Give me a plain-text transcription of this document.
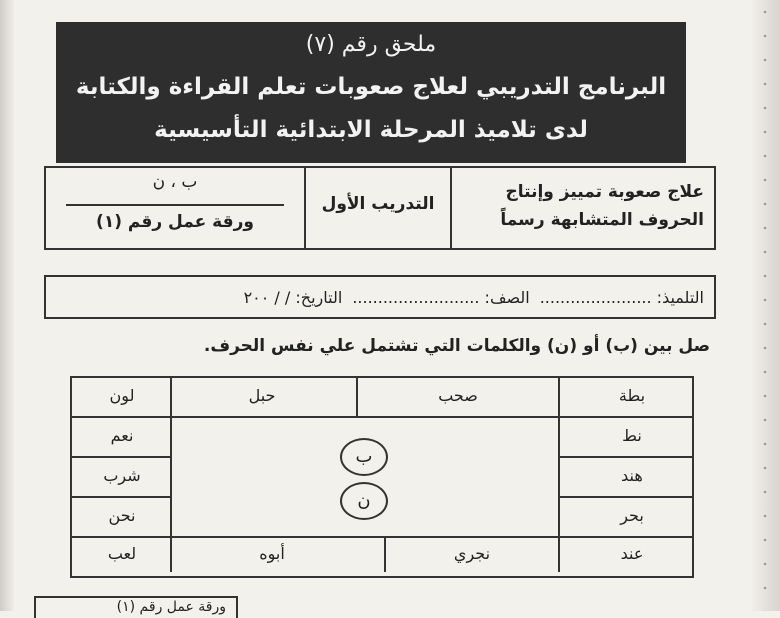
ملحق رقم (٧)
البرنامج التدريبي لعلاج صعوبات تعلم القراءة والكتابة
لدى تلاميذ المرحلة الابتدائية التأسيسية
علاج صعوبة تمييز وإنتاج
الحروف المتشابهة رسماً
التدريب الأول
ب ، ن
ورقة عمل رقم (١)
التلميذ: ......................
الصف: .........................
التاريخ: / / ٢٠٠
صل بين (ب) أو (ن) والكلمات التي تشتمل علي نفس الحرف.
بطة
صحب
حبل
لون
نط
هند
بحر
نعم
شرب
نحن
ب
ن
عند
نجري
أبوه
لعب
ورقة عمل رقم (١)
